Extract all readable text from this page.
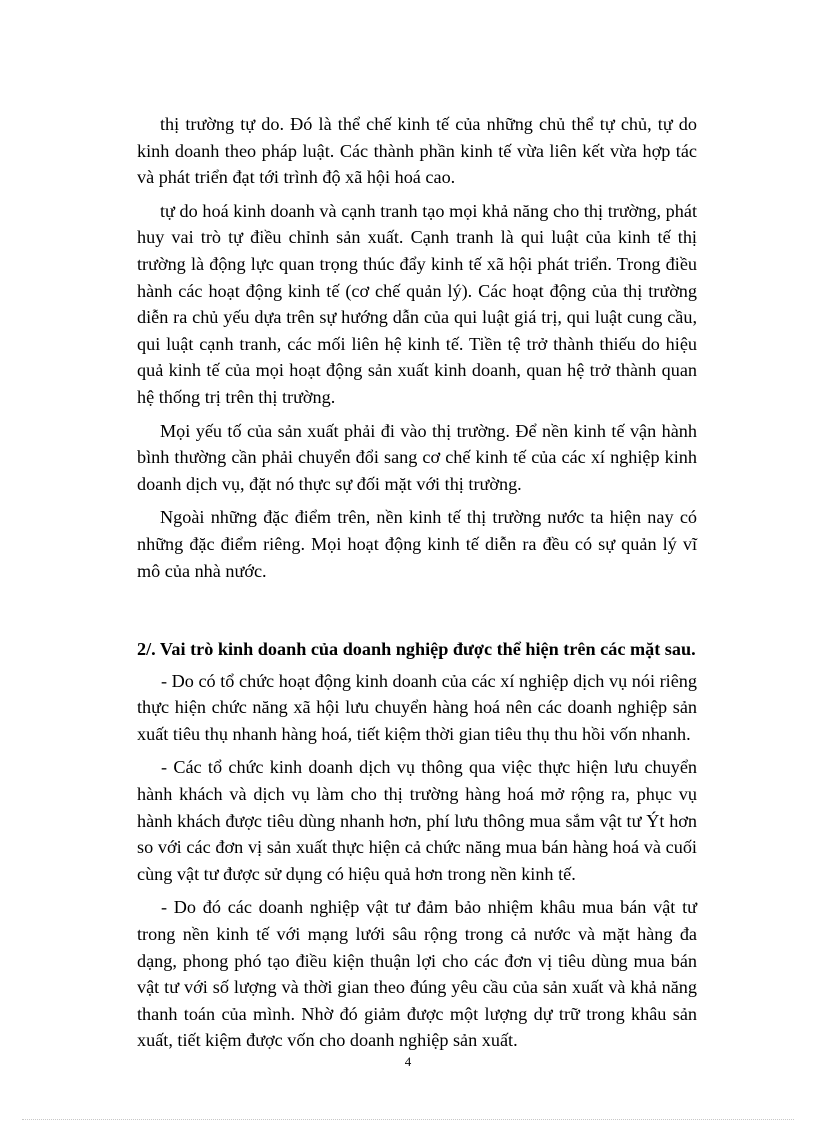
thị trường tự do. Đó là thể chế kinh tế của những chủ thể tự chủ, tự do kinh doanh theo pháp luật. Các thành phần kinh tế vừa liên kết vừa hợp tác và phát triển đạt tới trình độ xã hội hoá cao.

tự do hoá kinh doanh và cạnh tranh tạo mọi khả năng cho thị trường, phát huy vai trò tự điều chỉnh sản xuất. Cạnh tranh là qui luật của kinh tế thị trường là động lực quan trọng thúc đẩy kinh tế xã hội phát triển. Trong điều hành các hoạt động kinh tế (cơ chế quản lý). Các hoạt động của thị trường diễn ra chủ yếu dựa trên sự hướng dẫn của qui luật giá trị, qui luật cung cầu, qui luật cạnh tranh, các mối liên hệ kinh tế. Tiền tệ trở thành thiếu do hiệu quả kinh tế của mọi hoạt động sản xuất kinh doanh, quan hệ trở thành quan hệ thống trị trên thị trường.

Mọi yếu tố của sản xuất phải đi vào thị trường. Để nền kinh tế vận hành bình thường cần phải chuyển đổi sang cơ chế kinh tế của các xí nghiệp kinh doanh dịch vụ, đặt nó thực sự đối mặt với thị trường.

Ngoài những đặc điểm trên, nền kinh tế thị trường nước ta hiện nay có những đặc điểm riêng. Mọi hoạt động kinh tế diễn ra đều có sự quản lý vĩ mô của nhà nước.

2/. Vai trò kinh doanh của doanh nghiệp được thể hiện trên các mặt sau.

- Do có tổ chức hoạt động kinh doanh của các xí nghiệp dịch vụ nói riêng thực hiện chức năng xã hội lưu chuyển hàng hoá nên các doanh nghiệp sản xuất tiêu thụ nhanh hàng hoá, tiết kiệm thời gian tiêu thụ thu hồi vốn nhanh.

- Các tổ chức kinh doanh dịch vụ thông qua việc thực hiện lưu chuyển hành khách và dịch vụ làm cho thị trường hàng hoá mở rộng ra, phục vụ hành khách được tiêu dùng nhanh hơn, phí lưu thông mua sắm vật tư Ýt hơn so với các đơn vị sản xuất thực hiện cả chức năng mua bán hàng hoá và cuối cùng vật tư được sử dụng có hiệu quả hơn trong nền kinh tế.

- Do đó các doanh nghiệp vật tư đảm bảo nhiệm khâu mua bán vật tư trong nền kinh tế với mạng lưới sâu rộng trong cả nước và mặt hàng đa dạng, phong phó tạo điều kiện thuận lợi cho các đơn vị tiêu dùng mua bán vật tư với số lượng và thời gian theo đúng yêu cầu của sản xuất và khả năng thanh toán của mình. Nhờ đó giảm được một lượng dự trữ trong khâu sản xuất, tiết kiệm được vốn cho doanh nghiệp sản xuất.

4
